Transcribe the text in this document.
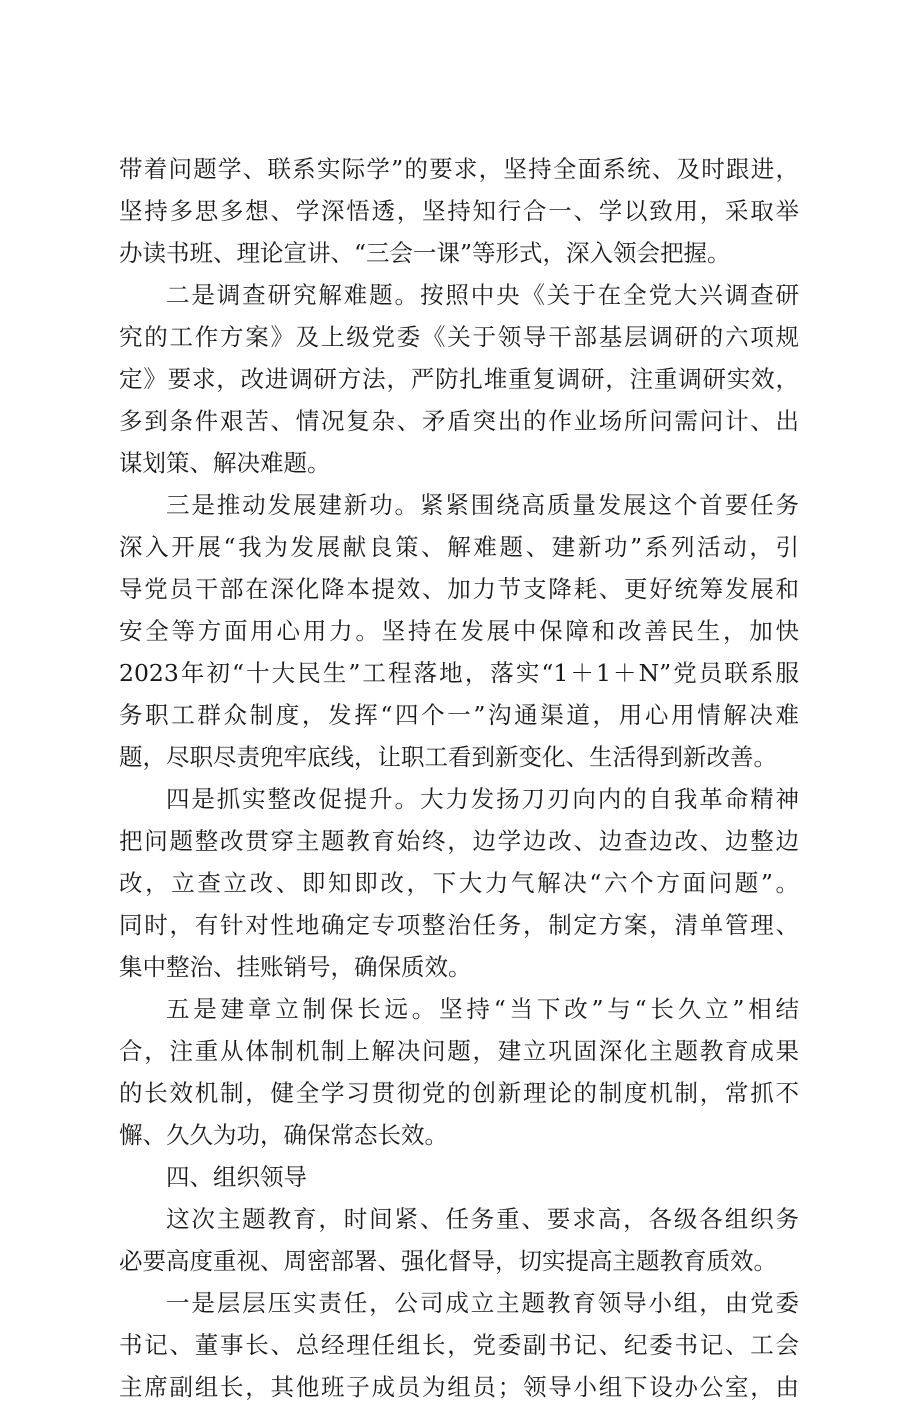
带着问题学、联系实际学”的要求，坚持全面系统、及时跟进，
坚持多思多想、学深悟透，坚持知行合一、学以致用，采取举
办读书班、理论宣讲、“三会一课”等形式，深入领会把握。
二是调查研究解难题。按照中央《关于在全党大兴调查研
究的工作方案》及上级党委《关于领导干部基层调研的六项规
定》要求，改进调研方法，严防扎堆重复调研，注重调研实效，
多到条件艰苦、情况复杂、矛盾突出的作业场所问需问计、出
谋划策、解决难题。
三是推动发展建新功。紧紧围绕高质量发展这个首要任务
深入开展“我为发展献良策、解难题、建新功”系列活动，引
导党员干部在深化降本提效、加力节支降耗、更好统筹发展和
安全等方面用心用力。坚持在发展中保障和改善民生，加快
2023年初“十大民生”工程落地，落实“1＋1＋N”党员联系服
务职工群众制度，发挥“四个一”沟通渠道，用心用情解决难
题，尽职尽责兜牢底线，让职工看到新变化、生活得到新改善。
四是抓实整改促提升。大力发扬刀刃向内的自我革命精神
把问题整改贯穿主题教育始终，边学边改、边查边改、边整边
改，立查立改、即知即改，下大力气解决“六个方面问题”。
同时，有针对性地确定专项整治任务，制定方案，清单管理、
集中整治、挂账销号，确保质效。
五是建章立制保长远。坚持“当下改”与“长久立”相结
合，注重从体制机制上解决问题，建立巩固深化主题教育成果
的长效机制，健全学习贯彻党的创新理论的制度机制，常抓不
懈、久久为功，确保常态长效。
四、组织领导
这次主题教育，时间紧、任务重、要求高，各级各组织务
必要高度重视、周密部署、强化督导，切实提高主题教育质效。
一是层层压实责任，公司成立主题教育领导小组，由党委
书记、董事长、总经理任组长，党委副书记、纪委书记、工会
主席副组长，其他班子成员为组员；领导小组下设办公室，由
